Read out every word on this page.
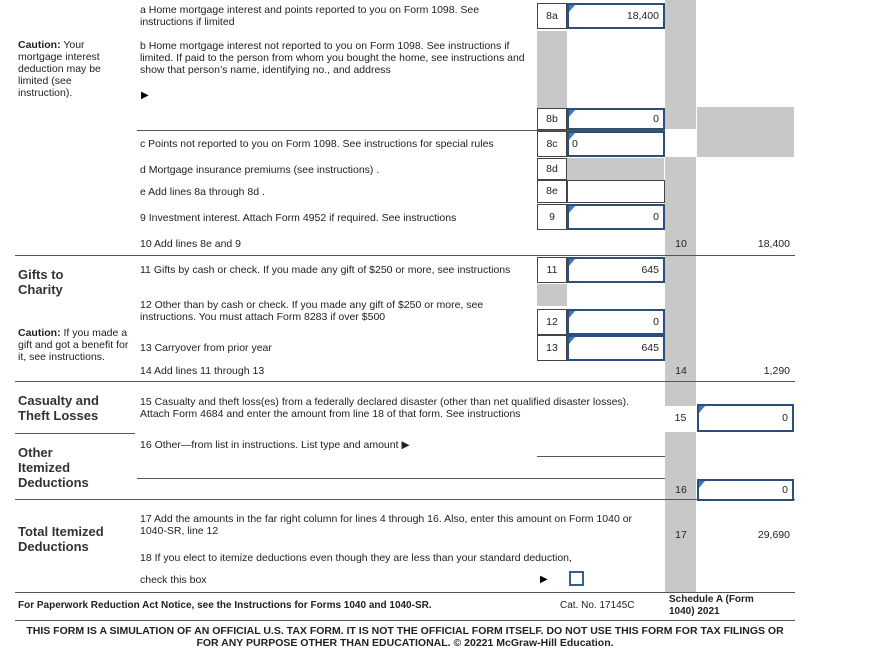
Caution: Your mortgage interest deduction may be limited (see instruction).
Caution: If you made a gift and got a benefit for it, see instructions.
Gifts to Charity
Casualty and Theft Losses
Other Itemized Deductions
Total Itemized Deductions
a Home mortgage interest and points reported to you on Form 1098. See instructions if limited	8a	18,400
b Home mortgage interest not reported to you on Form 1098. See instructions if limited. If paid to the person from whom you bought the home, see instructions and show that person’s name, identifying no., and address
▶
8b	0
c Points not reported to you on Form 1098. See instructions for special rules	8c	0
d Mortgage insurance premiums (see instructions) .	8d
e Add lines 8a through 8d .	8e
9 Investment interest. Attach Form 4952 if required. See instructions	9	0
10 Add lines 8e and 9	10	18,400
11 Gifts by cash or check. If you made any gift of $250 or more, see instructions	11	645
12 Other than by cash or check. If you made any gift of $250 or more, see instructions. You must attach Form 8283 if over $500	12	0
13 Carryover from prior year	13	645
14 Add lines 11 through 13	14	1,290
15 Casualty and theft loss(es) from a federally declared disaster (other than net qualified disaster losses). Attach Form 4684 and enter the amount from line 18 of that form. See instructions	15	0
16 Other—from list in instructions. List type and amount ▶
16	0
17 Add the amounts in the far right column for lines 4 through 16. Also, enter this amount on Form 1040 or 1040-SR, line 12	17	29,690
18 If you elect to itemize deductions even though they are less than your standard deduction,
check this box	▶
For Paperwork Reduction Act Notice, see the Instructions for Forms 1040 and 1040-SR.	Cat. No. 17145C
Schedule A (Form 1040) 2021
THIS FORM IS A SIMULATION OF AN OFFICIAL U.S. TAX FORM. IT IS NOT THE OFFICIAL FORM ITSELF. DO NOT USE THIS FORM FOR TAX FILINGS OR FOR ANY PURPOSE OTHER THAN EDUCATIONAL. © 20221 McGraw-Hill Education.
